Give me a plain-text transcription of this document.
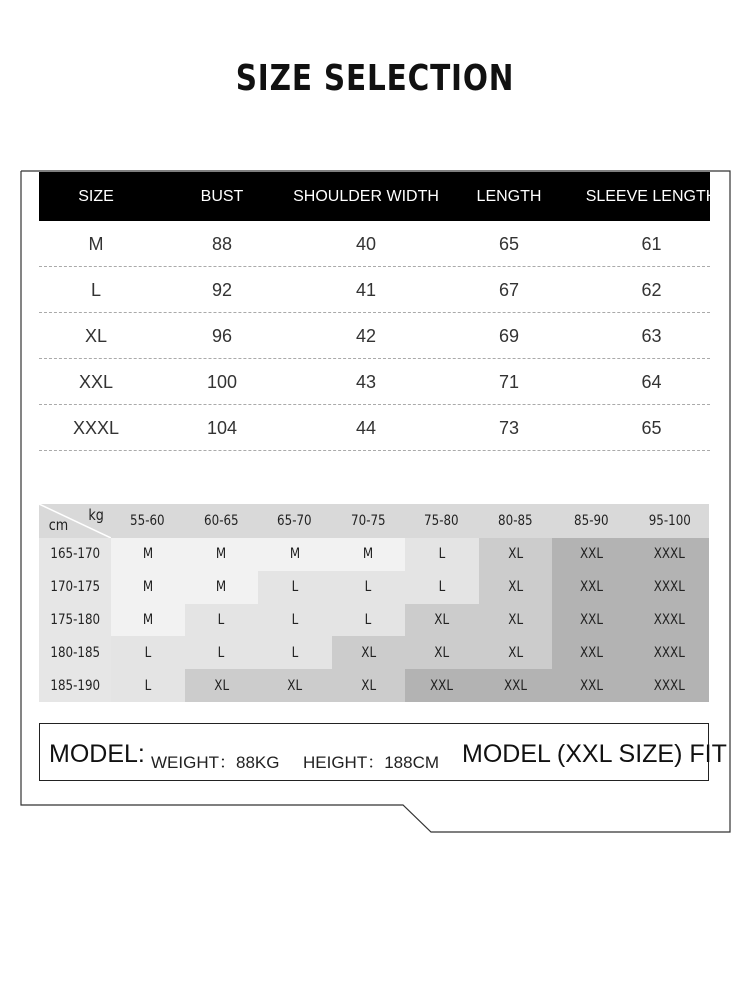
SIZE SELECTION
SIZE	BUST	SHOULDER WIDTH	LENGTH	SLEEVE LENGTH
M	88	40	65	61
L	92	41	67	62
XL	96	42	69	63
XXL	100	43	71	64
XXXL	104	44	73	65
kg
cm	55-60	60-65	65-70	70-75	75-80	80-85	85-90	95-100
165-170	M	M	M	M	L	XL	XXL	XXXL
170-175	M	M	L	L	L	XL	XXL	XXXL
175-180	M	L	L	L	XL	XL	XXL	XXXL
180-185	L	L	L	XL	XL	XL	XXL	XXXL
185-190	L	XL	XL	XL	XXL	XXL	XXL	XXXL
MODEL: WEIGHT：88KG HEIGHT：188CM MODEL (XXL SIZE) FIT
